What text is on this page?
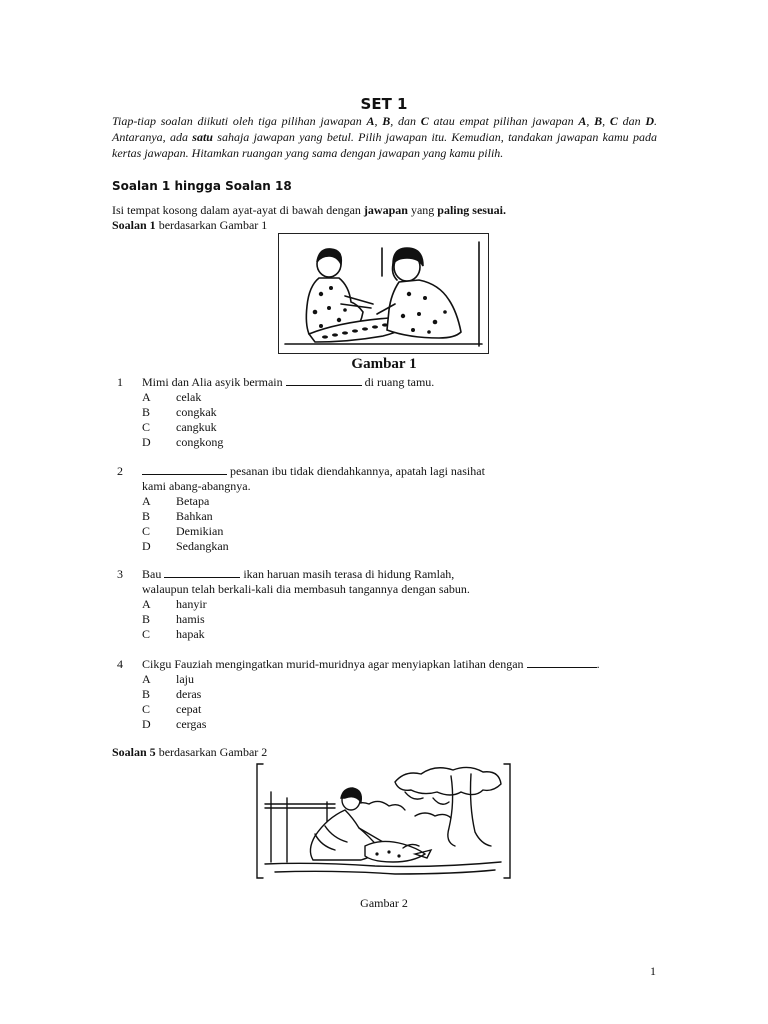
SET 1
Tiap-tiap soalan diikuti oleh tiga pilihan jawapan A, B, dan C atau empat pilihan jawapan A, B, C dan D. Antaranya, ada satu sahaja jawapan yang betul. Pilih jawapan itu. Kemudian, tandakan jawapan kamu pada kertas jawapan. Hitamkan ruangan yang sama dengan jawapan yang kamu pilih.
Soalan 1 hingga Soalan 18
Isi tempat kosong dalam ayat-ayat di bawah dengan jawapan yang paling sesuai.
Soalan 1 berdasarkan Gambar 1
Gambar 1
1 Mimi dan Alia asyik bermain	di ruang tamu.
A celak
B congkak
C cangkuk
D congkong
2	pesanan ibu tidak diendahkannya, apatah lagi nasihat
kami abang-abangnya.
A Betapa
B Bahkan
C Demikian
D Sedangkan
3 Bau	ikan haruan masih terasa di hidung Ramlah,
walaupun telah berkali-kali dia membasuh tangannya dengan sabun.
A hanyir
B hamis
C hapak
4 Cikgu Fauziah mengingatkan murid-muridnya agar menyiapkan latihan dengan	.
A laju
B deras
C cepat
D cergas
Soalan 5 berdasarkan Gambar 2
Gambar 2
1
